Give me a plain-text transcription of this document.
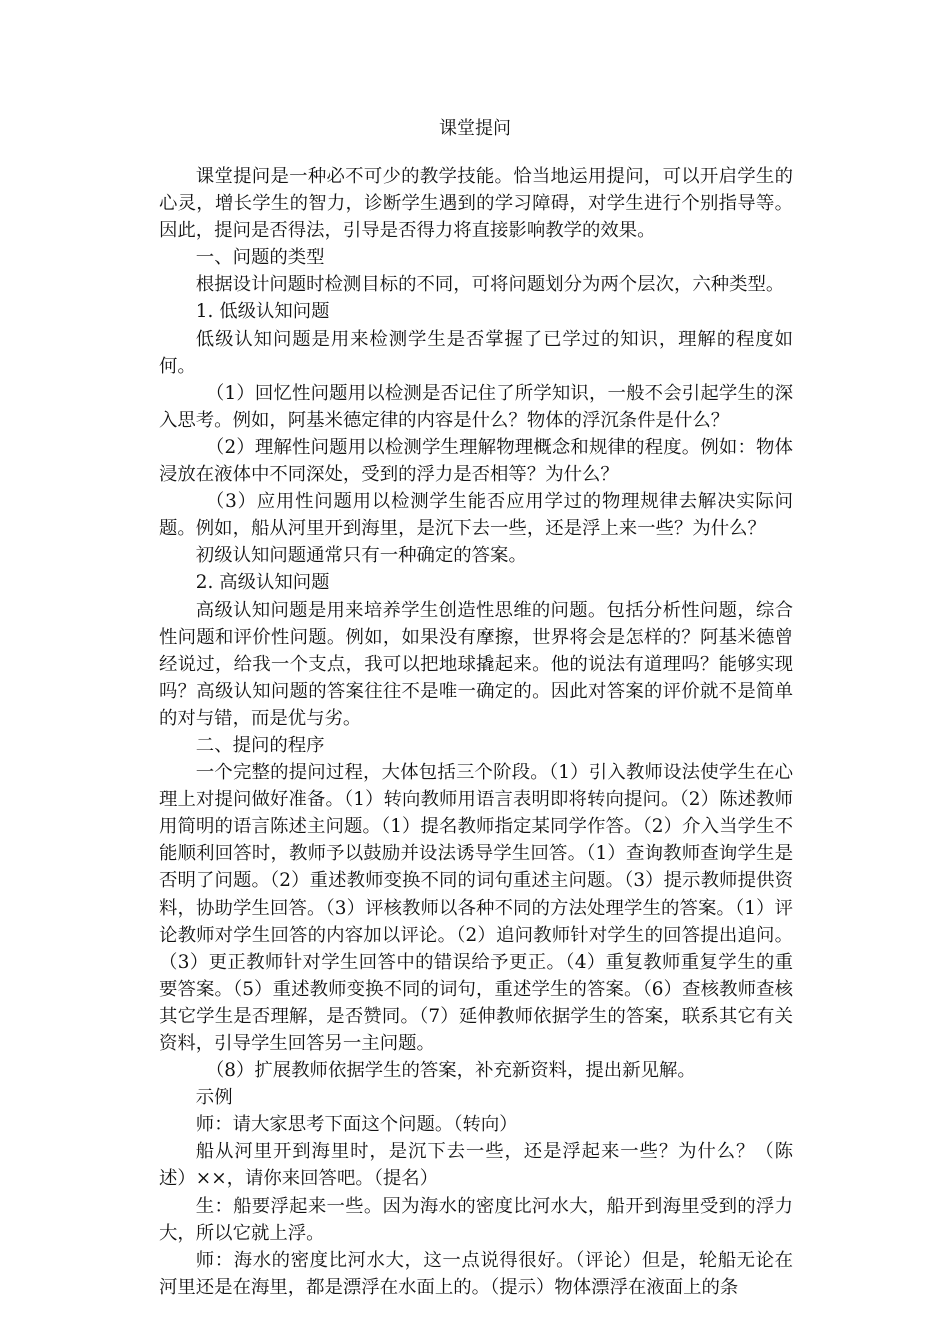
课堂提问

课堂提问是一种必不可少的教学技能。恰当地运用提问，可以开启学生的心灵，增长学生的智力，诊断学生遇到的学习障碍，对学生进行个别指导等。因此，提问是否得法，引导是否得力将直接影响教学的效果。

一、问题的类型

根据设计问题时检测目标的不同，可将问题划分为两个层次，六种类型。

1. 低级认知问题

低级认知问题是用来检测学生是否掌握了已学过的知识，理解的程度如何。

（1）回忆性问题用以检测是否记住了所学知识，一般不会引起学生的深入思考。例如，阿基米德定律的内容是什么？物体的浮沉条件是什么？

（2）理解性问题用以检测学生理解物理概念和规律的程度。例如：物体浸放在液体中不同深处，受到的浮力是否相等？为什么？

（3）应用性问题用以检测学生能否应用学过的物理规律去解决实际问题。例如，船从河里开到海里，是沉下去一些，还是浮上来一些？为什么？

初级认知问题通常只有一种确定的答案。

2. 高级认知问题

高级认知问题是用来培养学生创造性思维的问题。包括分析性问题，综合性问题和评价性问题。例如，如果没有摩擦，世界将会是怎样的？阿基米德曾经说过，给我一个支点，我可以把地球撬起来。他的说法有道理吗？能够实现吗？高级认知问题的答案往往不是唯一确定的。因此对答案的评价就不是简单的对与错，而是优与劣。

二、提问的程序

一个完整的提问过程，大体包括三个阶段。（1）引入教师设法使学生在心理上对提问做好准备。（1）转向教师用语言表明即将转向提问。（2）陈述教师用简明的语言陈述主问题。（1）提名教师指定某同学作答。（2）介入当学生不能顺利回答时，教师予以鼓励并设法诱导学生回答。（1）查询教师查询学生是否明了问题。（2）重述教师变换不同的词句重述主问题。（3）提示教师提供资料，协助学生回答。（3）评核教师以各种不同的方法处理学生的答案。（1）评论教师对学生回答的内容加以评论。（2）追问教师针对学生的回答提出追问。（3）更正教师针对学生回答中的错误给予更正。（4）重复教师重复学生的重要答案。（5）重述教师变换不同的词句，重述学生的答案。（6）查核教师查核其它学生是否理解，是否赞同。（7）延伸教师依据学生的答案，联系其它有关资料，引导学生回答另一主问题。

（8）扩展教师依据学生的答案，补充新资料，提出新见解。

示例

师：请大家思考下面这个问题。（转向）

船从河里开到海里时，是沉下去一些，还是浮起来一些？为什么？（陈述）××，请你来回答吧。（提名）

生：船要浮起来一些。因为海水的密度比河水大，船开到海里受到的浮力大，所以它就上浮。

师：海水的密度比河水大，这一点说得很好。（评论）但是，轮船无论在河里还是在海里，都是漂浮在水面上的。（提示）物体漂浮在液面上的条
